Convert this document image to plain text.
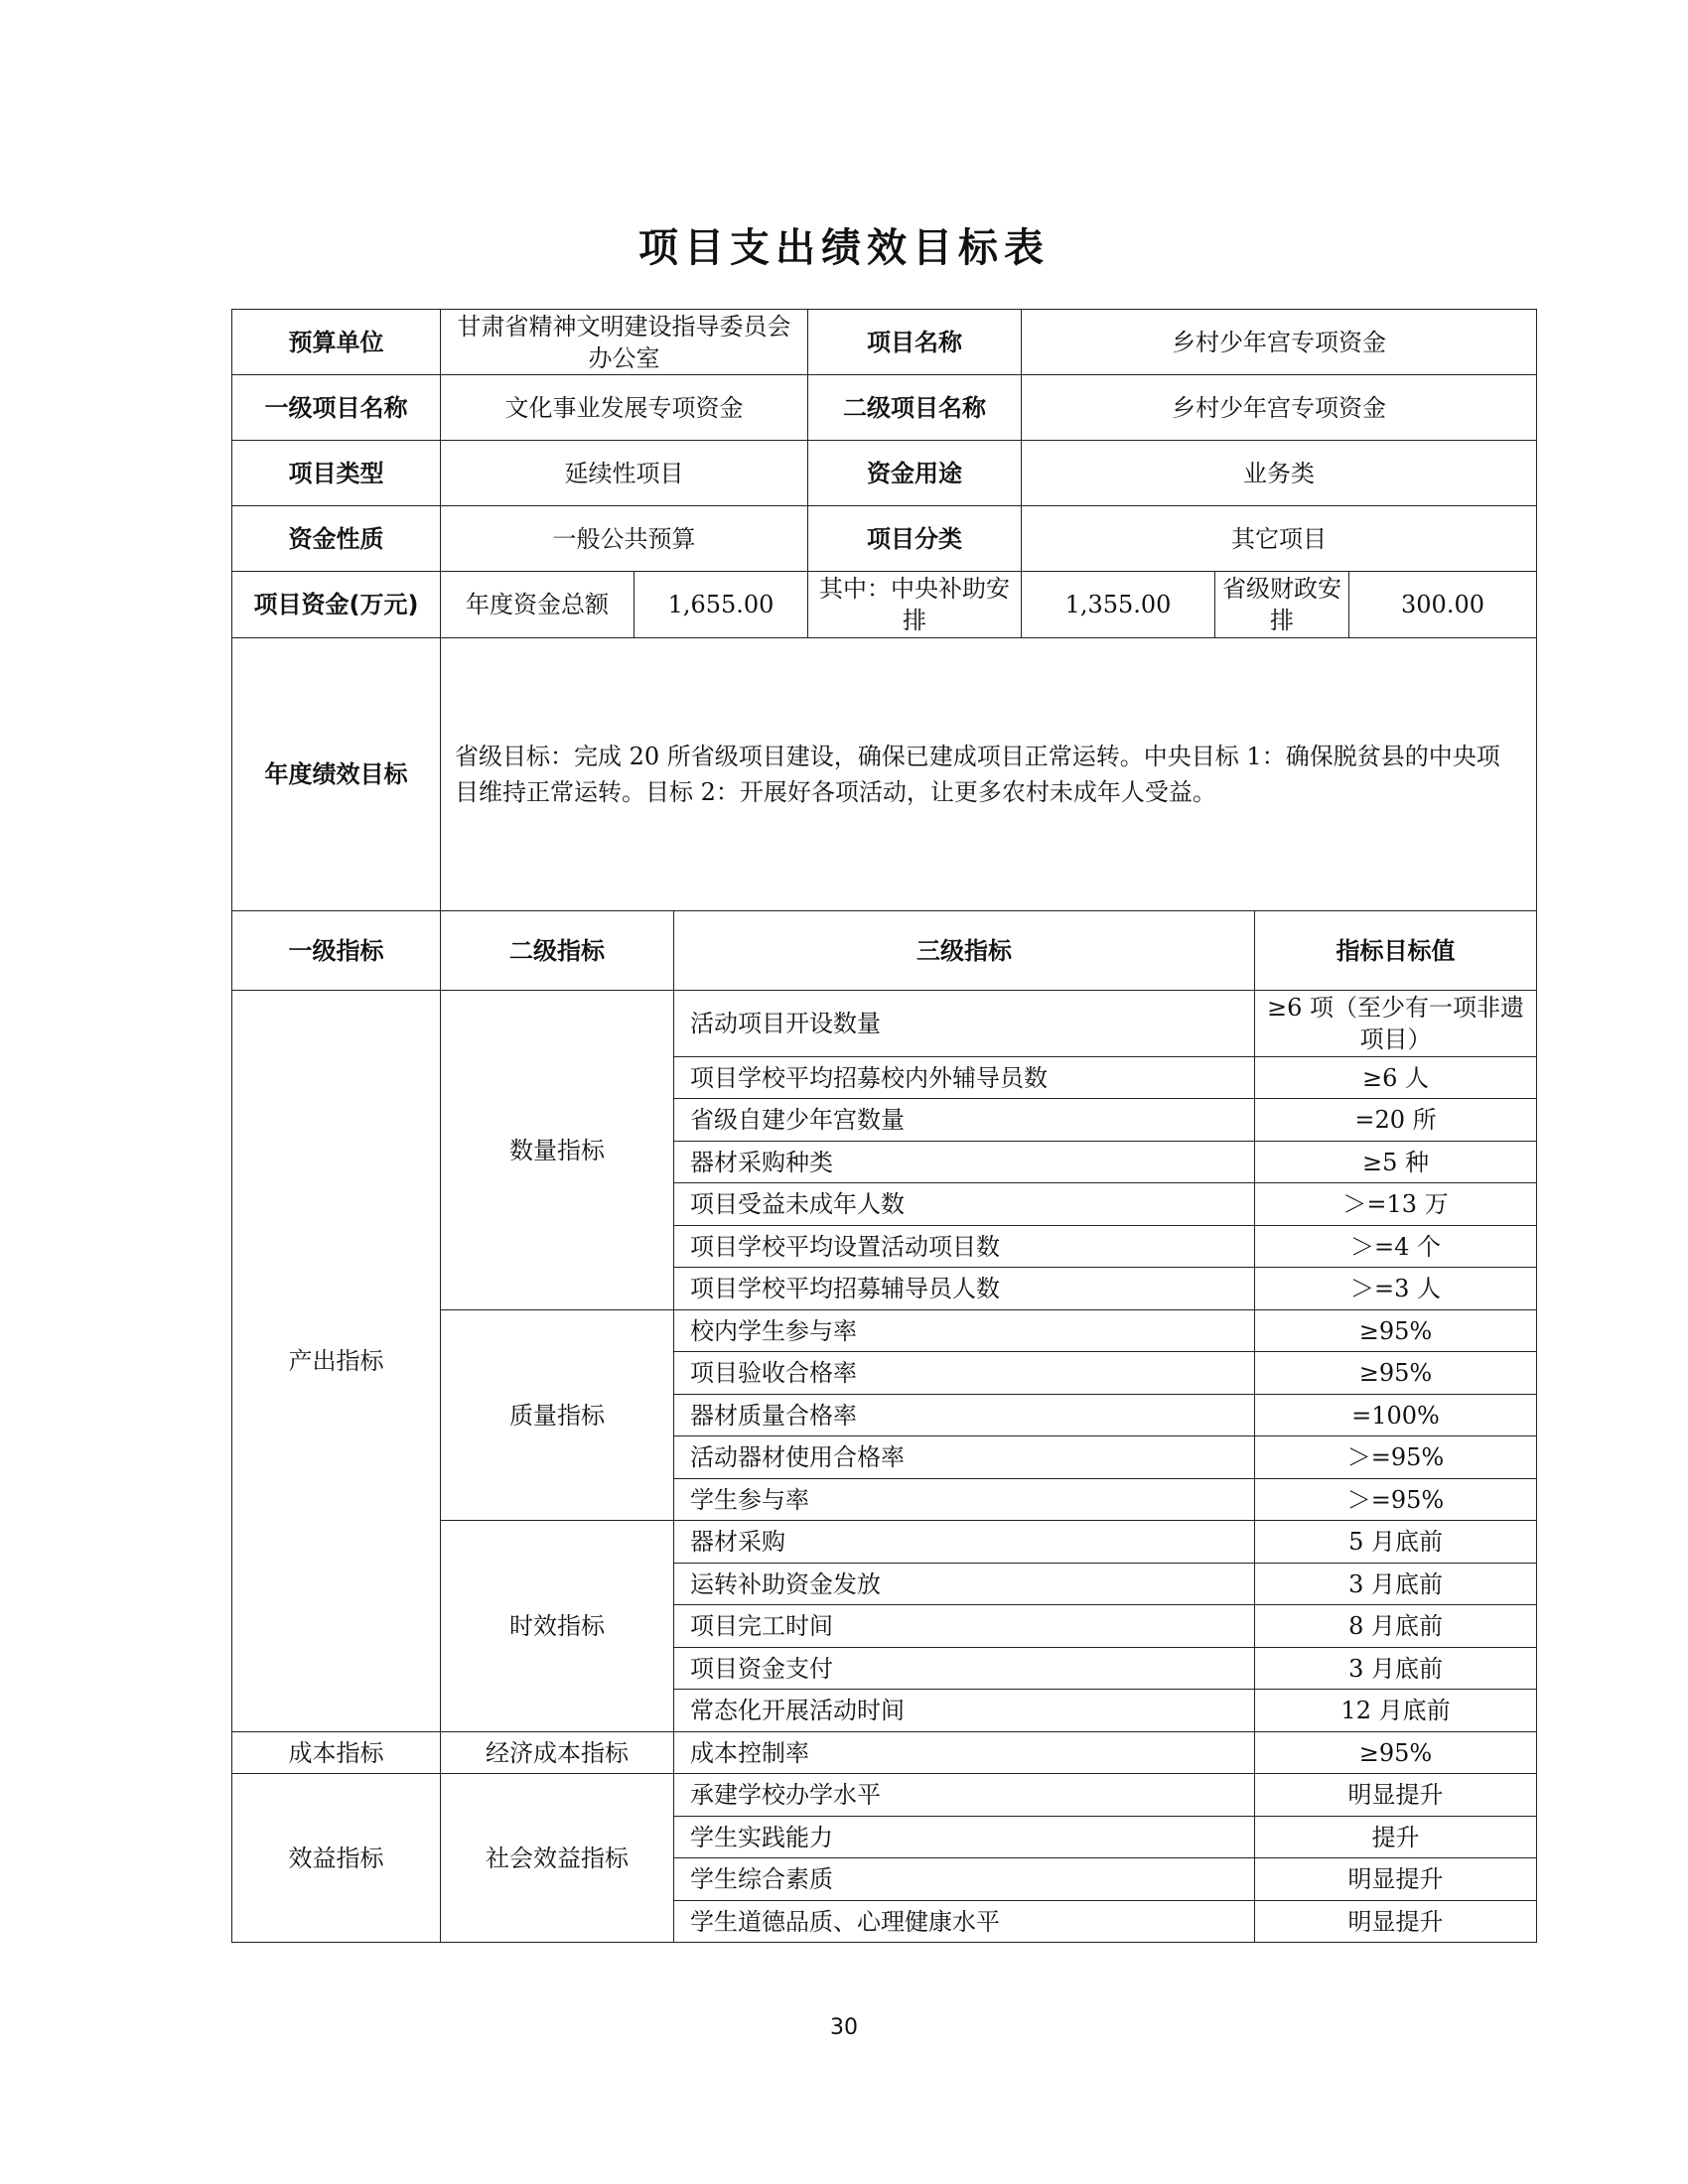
项目支出绩效目标表
预算单位	甘肃省精神文明建设指导委员会办公室		项目名称	乡村少年宫专项资金		
一级项目名称	文化事业发展专项资金		二级项目名称	乡村少年宫专项资金		
项目类型	延续性项目		资金用途	业务类		
资金性质	一般公共预算		项目分类	其它项目		
项目资金(万元)	年度资金总额	1,655.00	其中：中央补助安排	1,355.00	省级财政安排	300.00
年度绩效目标	省级目标：完成 20 所省级项目建设，确保已建成项目正常运转。中央目标 1：确保脱贫县的中央项目维持正常运转。目标 2：开展好各项活动，让更多农村未成年人受益。		
一级指标	二级指标	三级指标	指标目标值
产出指标	数量指标	活动项目开设数量	≥6 项（至少有一项非遗项目）
		项目学校平均招募校内外辅导员数	≥6 人
		省级自建少年宫数量	=20 所
		器材采购种类	≥5 种
		项目受益未成年人数	＞=13 万
		项目学校平均设置活动项目数	＞=4 个
		项目学校平均招募辅导员人数	＞=3 人
	质量指标	校内学生参与率	≥95%
		项目验收合格率	≥95%
		器材质量合格率	=100%
		活动器材使用合格率	＞=95%
		学生参与率	＞=95%
	时效指标	器材采购	5 月底前
		运转补助资金发放	3 月底前
		项目完工时间	8 月底前
		项目资金支付	3 月底前
		常态化开展活动时间	12 月底前
成本指标	经济成本指标	成本控制率	≥95%
效益指标	社会效益指标	承建学校办学水平	明显提升
		学生实践能力	提升
		学生综合素质	明显提升
		学生道德品质、心理健康水平	明显提升
30
